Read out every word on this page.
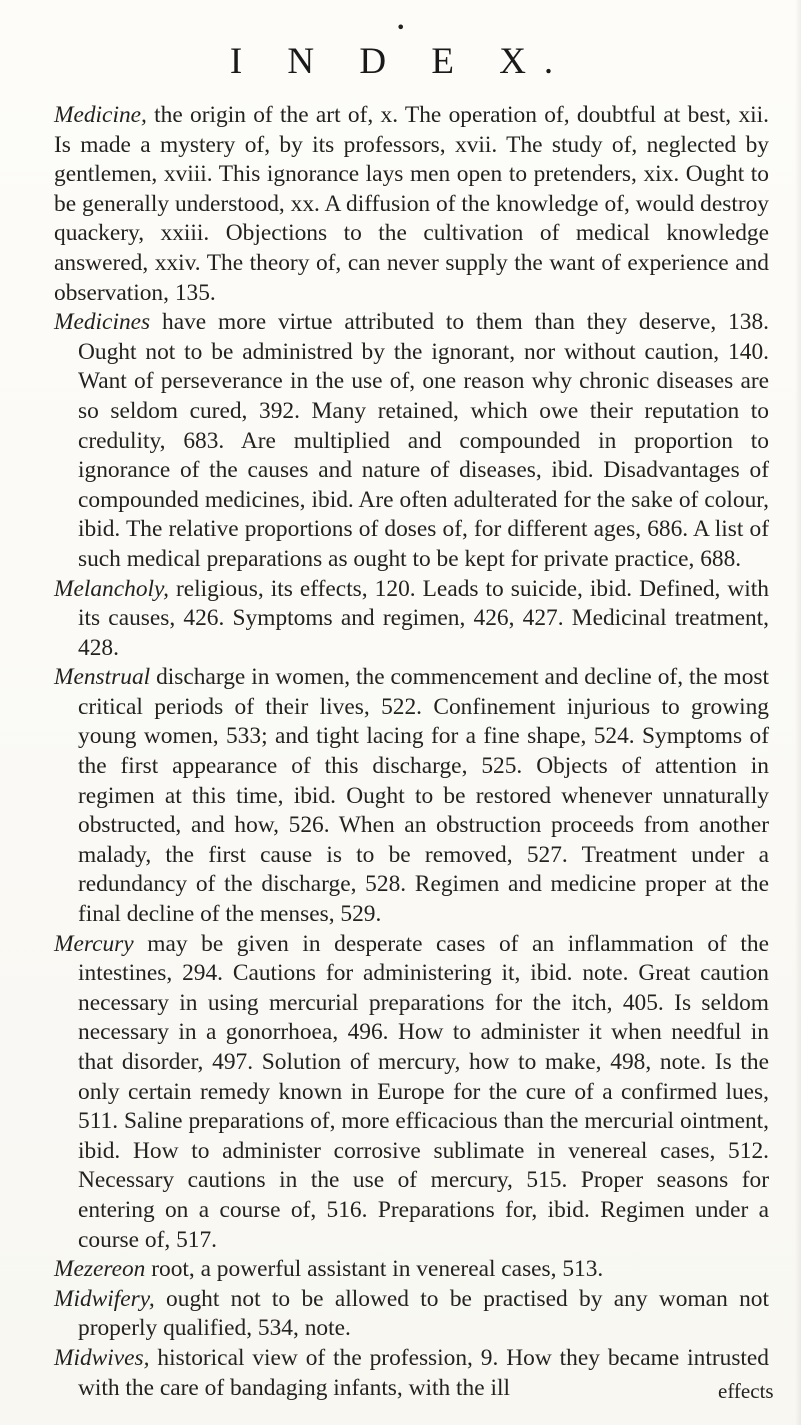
•
I N D E X.

Medicine, the origin of the art of, x. The operation of, doubtful at best, xii. Is made a mystery of, by its professors, xvii. The study of, neglected by gentlemen, xviii. This ignorance lays men open to pretenders, xix. Ought to be generally understood, xx. A diffusion of the knowledge of, would destroy quackery, xxiii. Objections to the cultivation of medical knowledge answered, xxiv. The theory of, can never supply the want of experience and observation, 135.

Medicines have more virtue attributed to them than they deserve, 138. Ought not to be administred by the ignorant, nor without caution, 140. Want of perseverance in the use of, one reason why chronic diseases are so seldom cured, 392. Many retained, which owe their reputation to credulity, 683. Are multiplied and compounded in proportion to ignorance of the causes and nature of diseases, ibid. Disadvantages of compounded medicines, ibid. Are often adulterated for the sake of colour, ibid. The relative proportions of doses of, for different ages, 686. A list of such medical preparations as ought to be kept for private practice, 688.

Melancholy, religious, its effects, 120. Leads to suicide, ibid. Defined, with its causes, 426. Symptoms and regimen, 426, 427. Medicinal treatment, 428.

Menstrual discharge in women, the commencement and decline of, the most critical periods of their lives, 522. Confinement injurious to growing young women, 533; and tight lacing for a fine shape, 524. Symptoms of the first appearance of this discharge, 525. Objects of attention in regimen at this time, ibid. Ought to be restored whenever unnaturally obstructed, and how, 526. When an obstruction proceeds from another malady, the first cause is to be removed, 527. Treatment under a redundancy of the discharge, 528. Regimen and medicine proper at the final decline of the menses, 529.

Mercury may be given in desperate cases of an inflammation of the intestines, 294. Cautions for administering it, ibid. note. Great caution necessary in using mercurial preparations for the itch, 405. Is seldom necessary in a gonorrhoea, 496. How to administer it when needful in that disorder, 497. Solution of mercury, how to make, 498, note. Is the only certain remedy known in Europe for the cure of a confirmed lues, 511. Saline preparations of, more efficacious than the mercurial ointment, ibid. How to administer corrosive sublimate in venereal cases, 512. Necessary cautions in the use of mercury, 515. Proper seasons for entering on a course of, 516. Preparations for, ibid. Regimen under a course of, 517.

Mezereon root, a powerful assistant in venereal cases, 513.

Midwifery, ought not to be allowed to be practised by any woman not properly qualified, 534, note.

Midwives, historical view of the profession, 9. How they became intrusted with the care of bandaging infants, with the ill	effects
